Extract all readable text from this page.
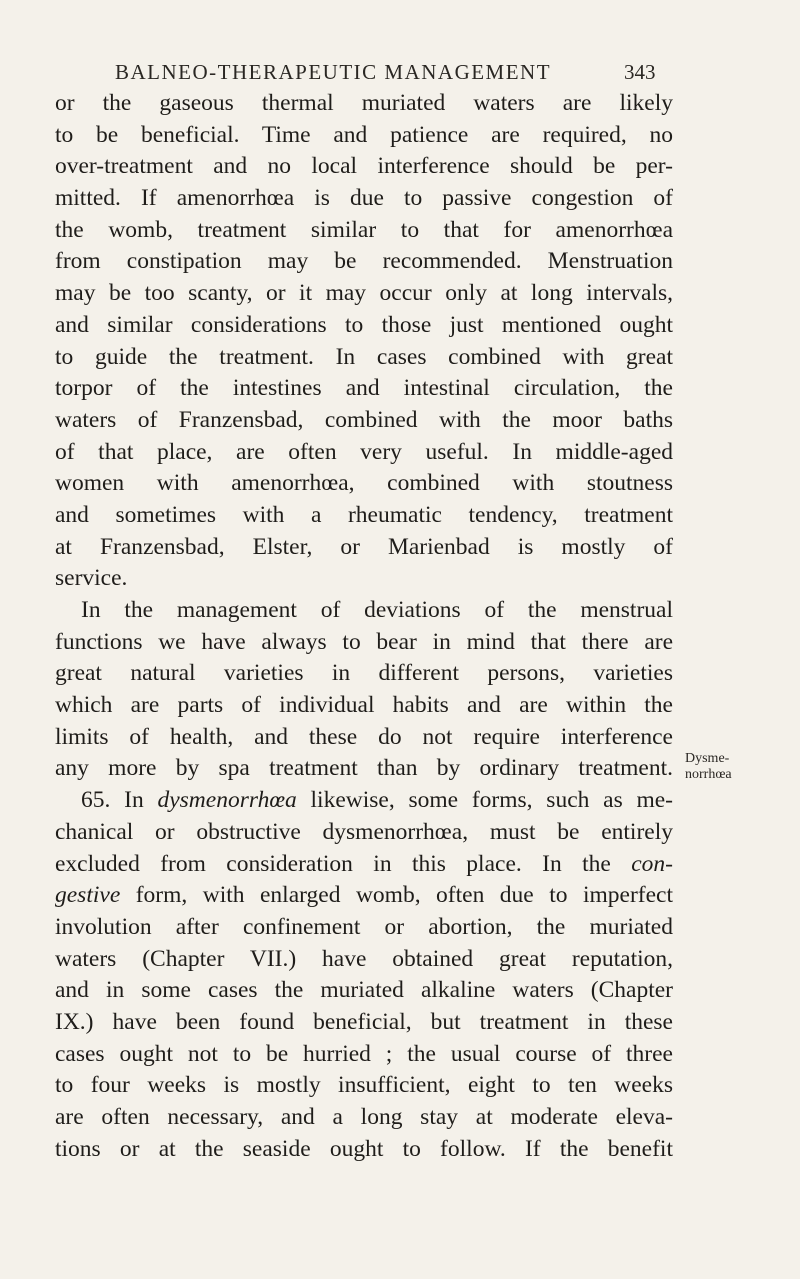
BALNEO-THERAPEUTIC MANAGEMENT	343
or the gaseous thermal muriated waters are likely
to be beneficial. Time and patience are required, no
over-treatment and no local interference should be per-
mitted. If amenorrhœa is due to passive congestion of
the womb, treatment similar to that for amenorrhœa
from constipation may be recommended. Menstruation
may be too scanty, or it may occur only at long intervals,
and similar considerations to those just mentioned ought
to guide the treatment. In cases combined with great
torpor of the intestines and intestinal circulation, the
waters of Franzensbad, combined with the moor baths
of that place, are often very useful. In middle-aged
women with amenorrhœa, combined with stoutness
and sometimes with a rheumatic tendency, treatment
at Franzensbad, Elster, or Marienbad is mostly of
service.
In the management of deviations of the menstrual
functions we have always to bear in mind that there are
great natural varieties in different persons, varieties
which are parts of individual habits and are within the
limits of health, and these do not require interference
any more by spa treatment than by ordinary treatment.
65. In dysmenorrhœa likewise, some forms, such as me-
chanical or obstructive dysmenorrhœa, must be entirely
excluded from consideration in this place. In the con-
gestive form, with enlarged womb, often due to imperfect
involution after confinement or abortion, the muriated
waters (Chapter VII.) have obtained great reputation,
and in some cases the muriated alkaline waters (Chapter
IX.) have been found beneficial, but treatment in these
cases ought not to be hurried ; the usual course of three
to four weeks is mostly insufficient, eight to ten weeks
are often necessary, and a long stay at moderate eleva-
tions or at the seaside ought to follow. If the benefit
Dysme-
norrhœa
